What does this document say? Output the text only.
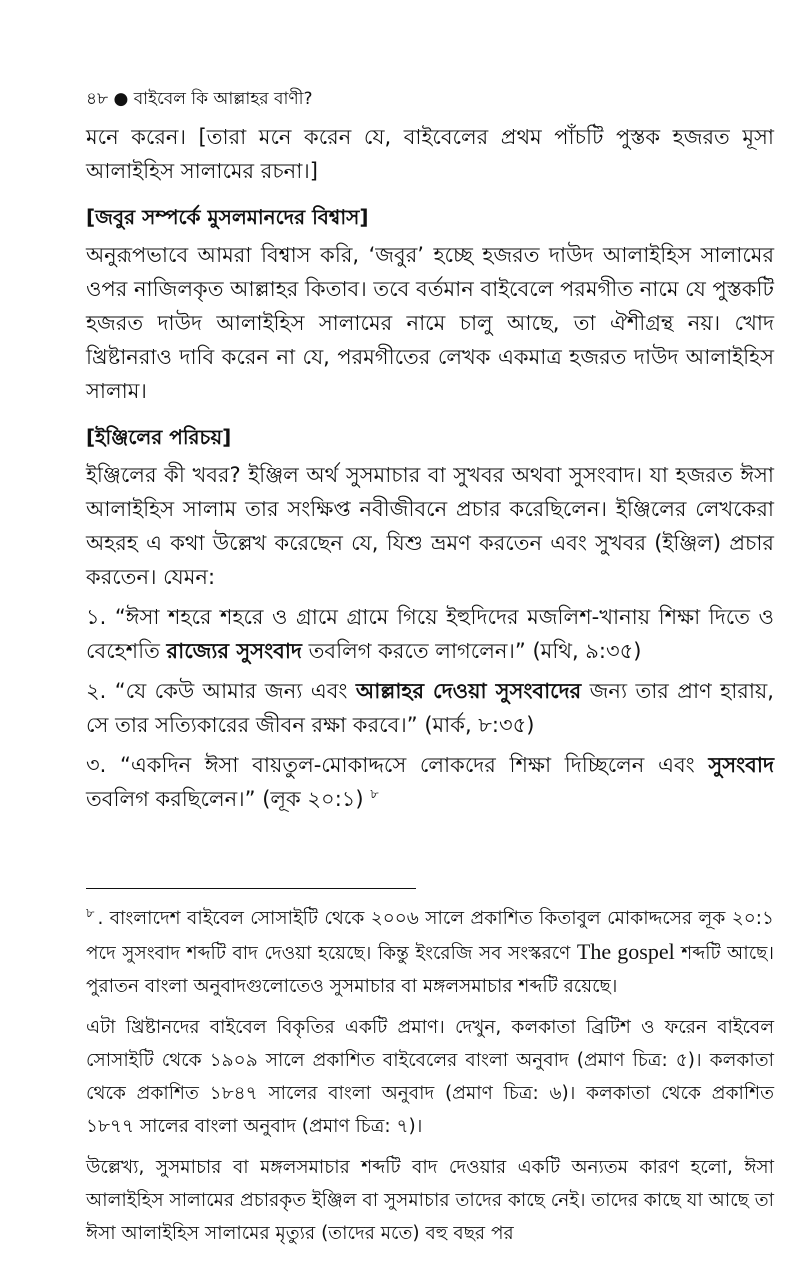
৪৮ ● বাইবেল কি আল্লাহর বাণী?

মনে করেন। [তারা মনে করেন যে, বাইবেলের প্রথম পাঁচটি পুস্তক হজরত মূসা আলাইহিস সালামের রচনা।]

[জবুর সম্পর্কে মুসলমানদের বিশ্বাস]

অনুরূপভাবে আমরা বিশ্বাস করি, ‘জবুর’ হচ্ছে হজরত দাউদ আলাইহিস সালামের ওপর নাজিলকৃত আল্লাহর কিতাব। তবে বর্তমান বাইবেলে পরমগীত নামে যে পুস্তকটি হজরত দাউদ আলাইহিস সালামের নামে চালু আছে, তা ঐশীগ্রন্থ নয়। খোদ খ্রিষ্টানরাও দাবি করেন না যে, পরমগীতের লেখক একমাত্র হজরত দাউদ আলাইহিস সালাম।

[ইঞ্জিলের পরিচয়]

ইঞ্জিলের কী খবর? ইঞ্জিল অর্থ সুসমাচার বা সুখবর অথবা সুসংবাদ। যা হজরত ঈসা আলাইহিস সালাম তার সংক্ষিপ্ত নবীজীবনে প্রচার করেছিলেন। ইঞ্জিলের লেখকেরা অহরহ এ কথা উল্লেখ করেছেন যে, যিশু ভ্রমণ করতেন এবং সুখবর (ইঞ্জিল) প্রচার করতেন। যেমন:

১. “ঈসা শহরে শহরে ও গ্রামে গ্রামে গিয়ে ইহুদিদের মজলিশ-খানায় শিক্ষা দিতে ও বেহেশতি রাজ্যের সুসংবাদ তবলিগ করতে লাগলেন।” (মথি, ৯:৩৫)

২. “যে কেউ আমার জন্য এবং আল্লাহর দেওয়া সুসংবাদের জন্য তার প্রাণ হারায়, সে তার সত্যিকারের জীবন রক্ষা করবে।” (মার্ক, ৮:৩৫)

৩. “একদিন ঈসা বায়তুল-মোকাদ্দসে লোকদের শিক্ষা দিচ্ছিলেন এবং সুসংবাদ তবলিগ করছিলেন।” (লূক ২০:১) $^৮$

$^৮$ . বাংলাদেশ বাইবেল সোসাইটি থেকে ২০০৬ সালে প্রকাশিত কিতাবুল মোকাদ্দসের লূক ২০:১ পদে সুসংবাদ শব্দটি বাদ দেওয়া হয়েছে। কিন্তু ইংরেজি সব সংস্করণে The gospel শব্দটি আছে। পুরাতন বাংলা অনুবাদগুলোতেও সুসমাচার বা মঙ্গলসমাচার শব্দটি রয়েছে।

এটা খ্রিষ্টানদের বাইবেল বিকৃতির একটি প্রমাণ। দেখুন, কলকাতা ব্রিটিশ ও ফরেন বাইবেল সোসাইটি থেকে ১৯০৯ সালে প্রকাশিত বাইবেলের বাংলা অনুবাদ (প্রমাণ চিত্র: ৫)। কলকাতা থেকে প্রকাশিত ১৮৪৭ সালের বাংলা অনুবাদ (প্রমাণ চিত্র: ৬)। কলকাতা থেকে প্রকাশিত ১৮৭৭ সালের বাংলা অনুবাদ (প্রমাণ চিত্র: ৭)।

উল্লেখ্য, সুসমাচার বা মঙ্গলসমাচার শব্দটি বাদ দেওয়ার একটি অন্যতম কারণ হলো, ঈসা আলাইহিস সালামের প্রচারকৃত ইঞ্জিল বা সুসমাচার তাদের কাছে নেই। তাদের কাছে যা আছে তা ঈসা আলাইহিস সালামের মৃত্যুর (তাদের মতে) বহু বছর পর
